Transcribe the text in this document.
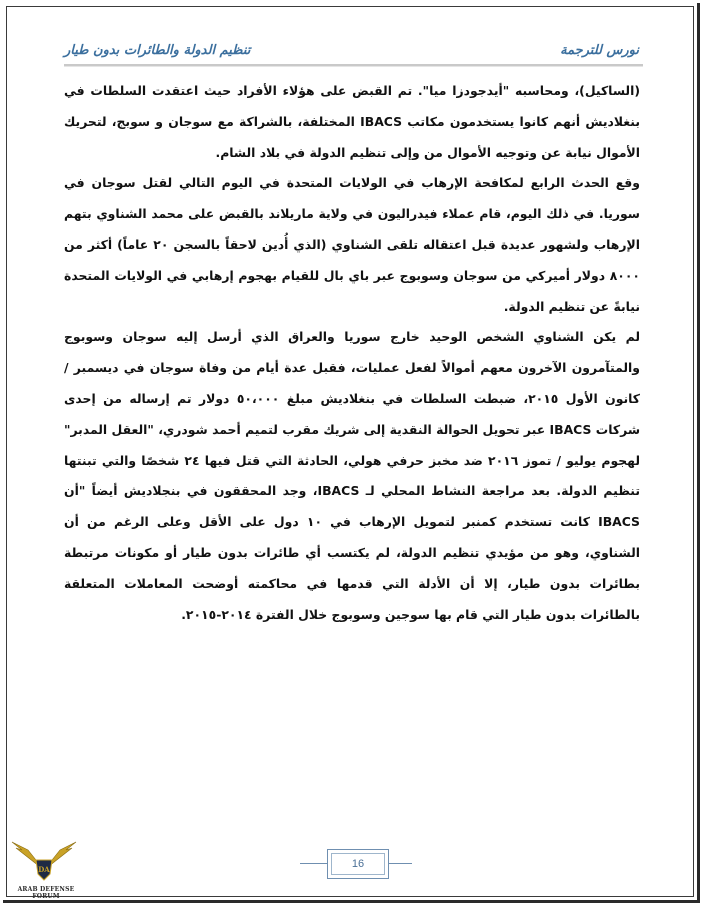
نورس للترجمة
تنظيم الدولة والطائرات بدون طيار

(الساكيل)، ومحاسبه "أيدجودزا ميا". تم القبض على هؤلاء الأفراد حيث اعتقدت السلطات في بنغلاديش أنهم كانوا يستخدمون مكاتب IBACS المختلفة، بالشراكة مع سوجان و سوبج، لتحريك الأموال نيابة عن وتوجيه الأموال من وإلى تنظيم الدولة في بلاد الشام.

وقع الحدث الرابع لمكافحة الإرهاب في الولايات المتحدة في اليوم التالي لقتل سوجان في سوريا. في ذلك اليوم، قام عملاء فيدراليون في ولاية ماريلاند بالقبض على محمد الشناوي بتهم الإرهاب ولشهور عديدة قبل اعتقاله تلقى الشناوي (الذي أُدين لاحقاً بالسجن ٢٠ عاماً) أكثر من ٨٠٠٠ دولار أميركي من سوجان وسوبوج عبر باي بال للقيام بهجوم إرهابي في الولايات المتحدة نيابةً عن تنظيم الدولة.

لم يكن الشناوي الشخص الوحيد خارج سوريا والعراق الذي أرسل إليه سوجان وسوبوج والمتآمرون الآخرون معهم أموالاً لفعل عمليات، فقبل عدة أيام من وفاة سوجان في ديسمبر / كانون الأول ٢٠١٥، ضبطت السلطات في بنغلاديش مبلغ ٥٠،٠٠٠ دولار تم إرساله من إحدى شركات IBACS عبر تحويل الحوالة النقدية إلى شريك مقرب لتميم أحمد شودري، "العقل المدبر" لهجوم يوليو / تموز ٢٠١٦ ضد مخبز حرفي هولي، الحادثة التي قتل فيها ٢٤ شخصًا والتي تبنتها تنظيم الدولة. بعد مراجعة النشاط المحلي لـ IBACS، وجد المحققون في بنجلاديش أيضاً "أن IBACS كانت تستخدم كمنبر لتمويل الإرهاب في ١٠ دول على الأقل وعلى الرغم من أن الشناوي، وهو من مؤيدي تنظيم الدولة، لم يكتسب أي طائرات بدون طيار أو مكونات مرتبطة بطائرات بدون طيار، إلا أن الأدلة التي قدمها في محاكمته أوضحت المعاملات المتعلقة بالطائرات بدون طيار التي قام بها سوجين وسوبوج خلال الفترة ٢٠١٤-٢٠١٥.

16
DA
ARAB DEFENSE FORUM
